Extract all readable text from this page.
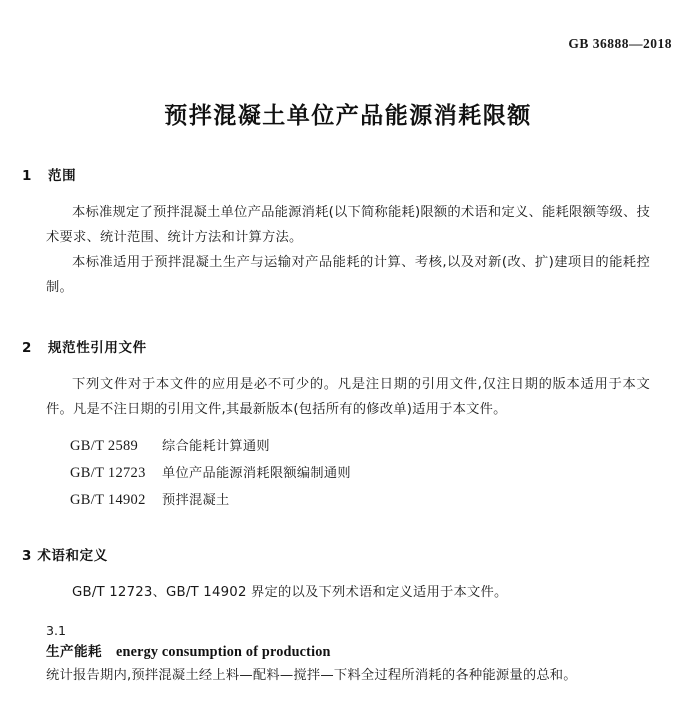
GB 36888—2018
预拌混凝土单位产品能源消耗限额
1 范围
本标准规定了预拌混凝土单位产品能源消耗(以下简称能耗)限额的术语和定义、能耗限额等级、技术要求、统计范围、统计方法和计算方法。
本标准适用于预拌混凝土生产与运输对产品能耗的计算、考核,以及对新(改、扩)建项目的能耗控制。
2 规范性引用文件
下列文件对于本文件的应用是必不可少的。凡是注日期的引用文件,仅注日期的版本适用于本文件。凡是不注日期的引用文件,其最新版本(包括所有的修改单)适用于本文件。
GB/T 2589 综合能耗计算通则
GB/T 12723 单位产品能源消耗限额编制通则
GB/T 14902 预拌混凝土
3 术语和定义
GB/T 12723、GB/T 14902 界定的以及下列术语和定义适用于本文件。
3.1
生产能耗 energy consumption of production
统计报告期内,预拌混凝土经上料—配料—搅拌—下料全过程所消耗的各种能源量的总和。
